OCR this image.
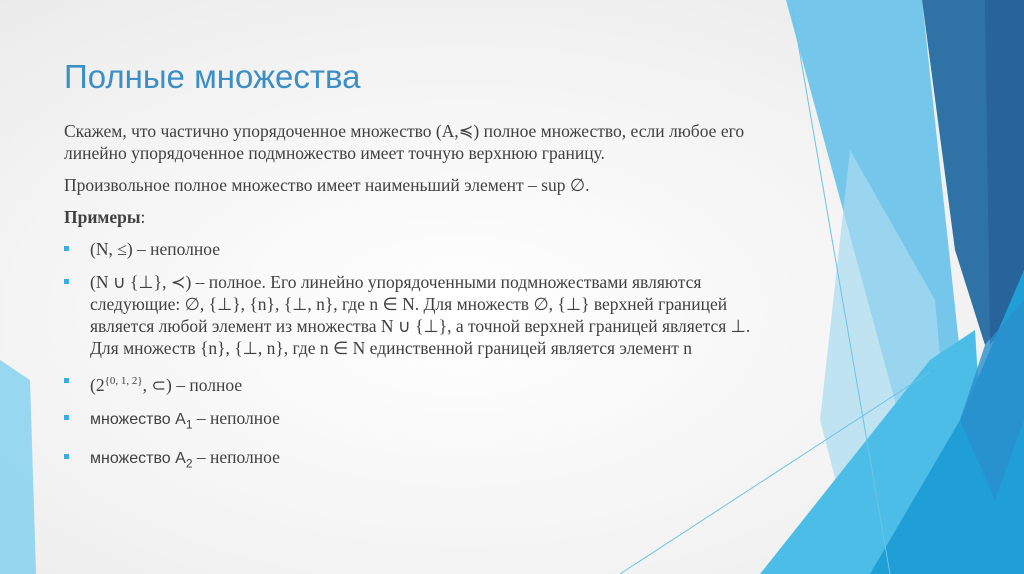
Полные множества

Скажем, что частично упорядоченное множество (A,≼) полное множество, если любое его линейно упорядоченное подмножество имеет точную верхнюю границу.

Произвольное полное множество имеет наименьший элемент – sup ∅.

Примеры:

(N, ≤) – неполное
(N ∪ {⊥}, ≺) – полное. Его линейно упорядоченными подмножествами являются следующие: ∅, {⊥}, {n}, {⊥, n}, где n ∈ N. Для множеств ∅, {⊥} верхней границей является любой элемент из множества N ∪ {⊥}, а точной верхней границей является ⊥. Для множеств {n}, {⊥, n}, где n ∈ N единственной границей является элемент n
($2^{\{0, 1, 2\}}$, ⊂) – полное
множество $A_1$ – неполное
множество $A_2$ – неполное
